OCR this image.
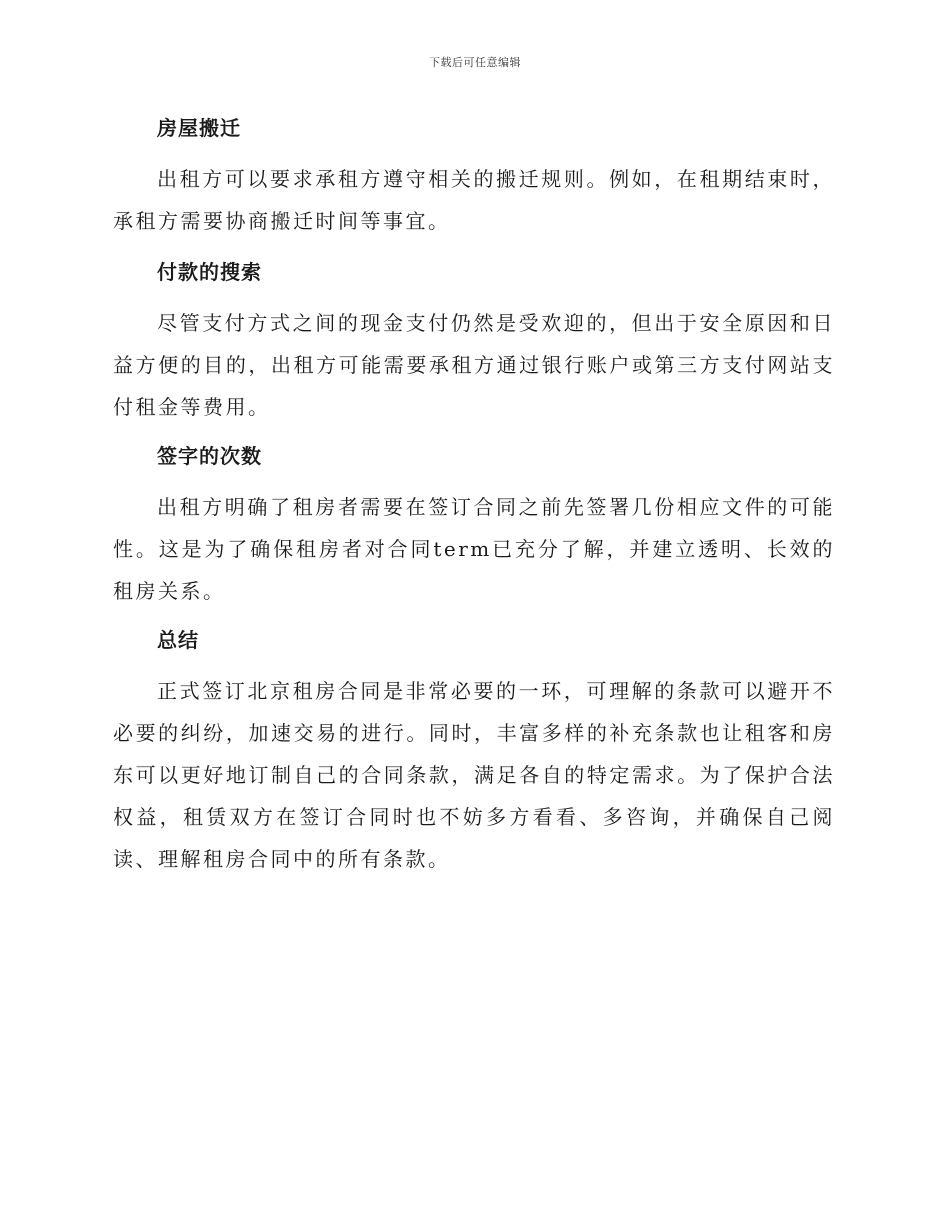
下载后可任意编辑
房屋搬迁

出租方可以要求承租方遵守相关的搬迁规则。例如，在租期结束时，承租方需要协商搬迁时间等事宜。

付款的搜索

尽管支付方式之间的现金支付仍然是受欢迎的，但出于安全原因和日益方便的目的，出租方可能需要承租方通过银行账户或第三方支付网站支付租金等费用。

签字的次数

出租方明确了租房者需要在签订合同之前先签署几份相应文件的可能性。这是为了确保租房者对合同term已充分了解，并建立透明、长效的租房关系。

总结

正式签订北京租房合同是非常必要的一环，可理解的条款可以避开不必要的纠纷，加速交易的进行。同时，丰富多样的补充条款也让租客和房东可以更好地订制自己的合同条款，满足各自的特定需求。为了保护合法权益，租赁双方在签订合同时也不妨多方看看、多咨询，并确保自己阅读、理解租房合同中的所有条款。
